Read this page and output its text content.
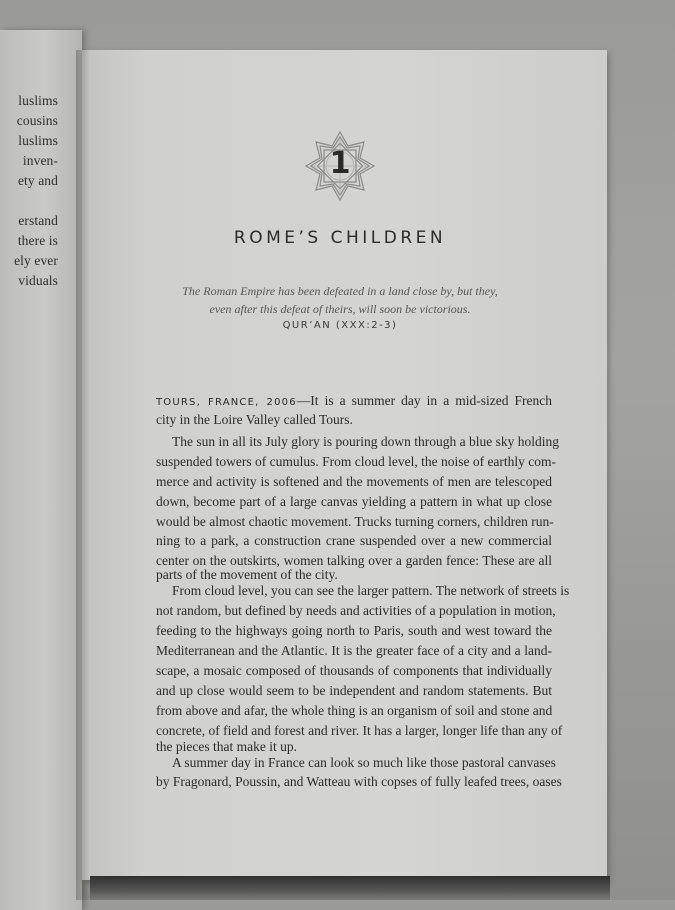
luslims
cousins
luslims
inven-
ety and
erstand
there is
ely ever
viduals
1
ROME’S CHILDREN
The Roman Empire has been defeated in a land close by, but they,
even after this defeat of theirs, will soon be victorious.
QUR’AN (XXX:2-3)
TOURS, FRANCE, 2006—It is a summer day in a mid-sized French
city in the Loire Valley called Tours.
The sun in all its July glory is pouring down through a blue sky holding
suspended towers of cumulus. From cloud level, the noise of earthly com-
merce and activity is softened and the movements of men are telescoped
down, become part of a large canvas yielding a pattern in what up close
would be almost chaotic movement. Trucks turning corners, children run-
ning to a park, a construction crane suspended over a new commercial
center on the outskirts, women talking over a garden fence: These are all
parts of the movement of the city.
From cloud level, you can see the larger pattern. The network of streets is
not random, but defined by needs and activities of a population in motion,
feeding to the highways going north to Paris, south and west toward the
Mediterranean and the Atlantic. It is the greater face of a city and a land-
scape, a mosaic composed of thousands of components that individually
and up close would seem to be independent and random statements. But
from above and afar, the whole thing is an organism of soil and stone and
concrete, of field and forest and river. It has a larger, longer life than any of
the pieces that make it up.
A summer day in France can look so much like those pastoral canvases
by Fragonard, Poussin, and Watteau with copses of fully leafed trees, oases
